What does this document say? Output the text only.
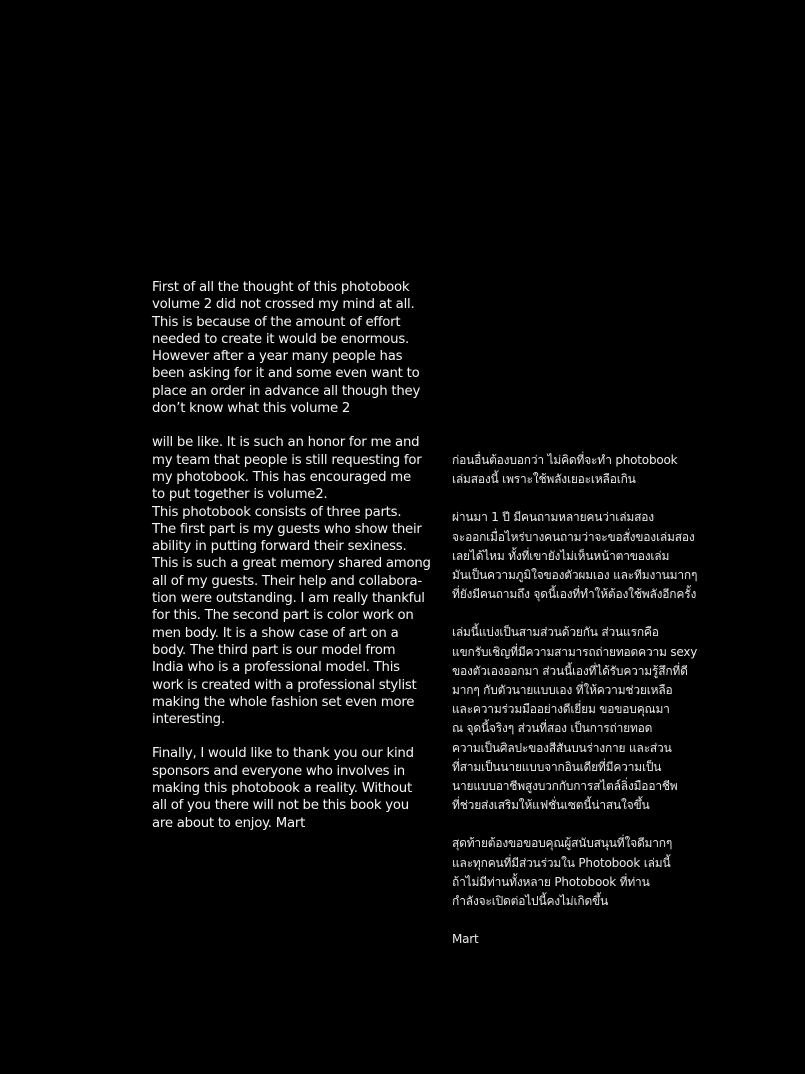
First of all the thought of this photobook
volume 2 did not crossed my mind at all.
This is because of the amount of effort
needed to create it would be enormous.
However after a year many people has
been asking for it and some even want to
place an order in advance all though they
don’t know what this volume 2

will be like. It is such an honor for me and
my team that people is still requesting for
my photobook. This has encouraged me
to put together is volume2.

This photobook consists of three parts.
The first part is my guests who show their
ability in putting forward their sexiness.
This is such a great memory shared among
all of my guests. Their help and collabora-
tion were outstanding. I am really thankful
for this. The second part is color work on
men body. It is a show case of art on a
body. The third part is our model from
India who is a professional model. This
work is created with a professional stylist
making the whole fashion set even more
interesting.

Finally, I would like to thank you our kind
sponsors and everyone who involves in
making this photobook a reality. Without
all of you there will not be this book you
are about to enjoy. Mart

ก่อนอื่นต้องบอกว่า ไม่คิดที่จะทำ photobook
เล่มสองนี้ เพราะใช้พลังเยอะเหลือเกิน

ผ่านมา 1 ปี มีคนถามหลายคนว่าเล่มสอง
จะออกเมื่อไหร่บางคนถามว่าจะขอสั่งของเล่มสอง
เลยได้ไหม ทั้งที่เขายังไม่เห็นหน้าตาของเล่ม
มันเป็นความภูมิใจของตัวผมเอง และทีมงานมากๆ
ที่ยังมีคนถามถึง จุดนี้เองที่ทำให้ต้องใช้พลังอีกครั้ง

เล่มนี้แบ่งเป็นสามส่วนด้วยกัน ส่วนแรกคือ
แขกรับเชิญที่มีความสามารถถ่ายทอดความ sexy
ของตัวเองออกมา ส่วนนี้เองที่ได้รับความรู้สึกที่ดี
มากๆ กับตัวนายแบบเอง ที่ให้ความช่วยเหลือ
และความร่วมมืออย่างดีเยี่ยม ขอขอบคุณมา
ณ จุดนี้จริงๆ ส่วนที่สอง เป็นการถ่ายทอด
ความเป็นศิลปะของสีสันบนร่างกาย และส่วน
ที่สามเป็นนายแบบจากอินเดียที่มีความเป็น
นายแบบอาชีพสูงบวกกับการสไตล์ลิ่งมืออาชีพ
ที่ช่วยส่งเสริมให้แฟชั่นเซตนี้น่าสนใจขึ้น

สุดท้ายต้องขอขอบคุณผู้สนับสนุนที่ใจดีมากๆ
และทุกคนที่มีส่วนร่วมใน Photobook เล่มนี้
ถ้าไม่มีท่านทั้งหลาย Photobook ที่ท่าน
กำลังจะเปิดต่อไปนี้คงไม่เกิดขึ้น

Mart
